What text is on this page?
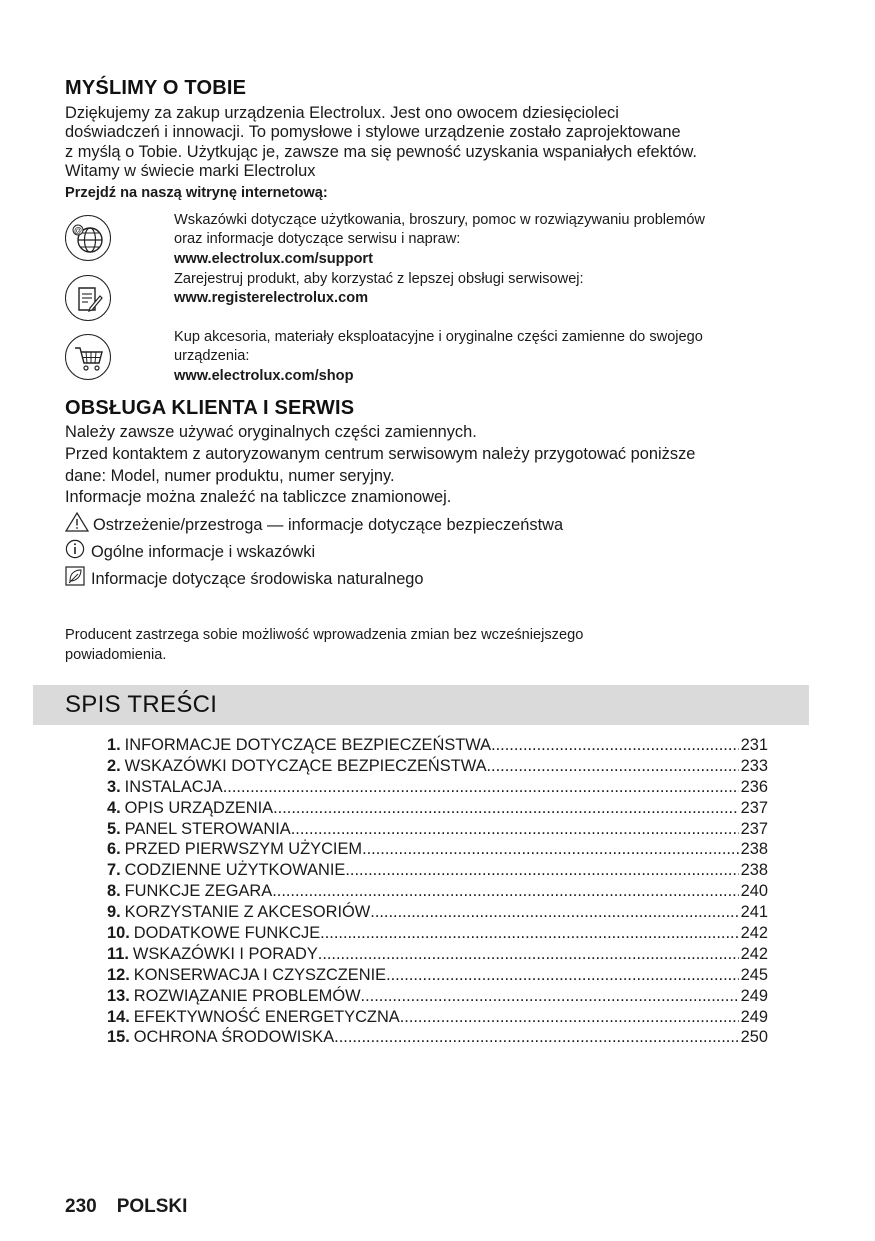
MYŚLIMY O TOBIE

Dziękujemy za zakup urządzenia Electrolux. Jest ono owocem dziesięcioleci

doświadczeń i innowacji. To pomysłowe i stylowe urządzenie zostało zaprojektowane

z myślą o Tobie. Użytkując je, zawsze ma się pewność uzyskania wspaniałych efektów.

Witamy w świecie marki Electrolux

Przejdź na naszą witrynę internetową:
@
Wskazówki dotyczące użytkowania, broszury, pomoc w rozwiązywaniu problemów
oraz informacje dotyczące serwisu i napraw:
www.electrolux.com/support
Zarejestruj produkt, aby korzystać z lepszej obsługi serwisowej:
www.registerelectrolux.com
Kup akcesoria, materiały eksploatacyjne i oryginalne części zamienne do swojego
urządzenia:
www.electrolux.com/shop
OBSŁUGA KLIENTA I SERWIS

Należy zawsze używać oryginalnych części zamiennych.

Przed kontaktem z autoryzowanym centrum serwisowym należy przygotować poniższe

dane: Model, numer produktu, numer seryjny.

Informacje można znaleźć na tabliczce znamionowej.

Ostrzeżenie/przestroga — informacje dotyczące bezpieczeństwa
Ogólne informacje i wskazówki
Informacje dotyczące środowiska naturalnego
Producent zastrzega sobie możliwość wprowadzenia zmian bez wcześniejszego
powiadomienia.
SPIS TREŚCI
1. INFORMACJE DOTYCZĄCE BEZPIECZEŃSTWA .....	231
2. WSKAZÓWKI DOTYCZĄCE BEZPIECZEŃSTWA .....	233
3. INSTALACJA .....	236
4. OPIS URZĄDZENIA .....	237
5. PANEL STEROWANIA .....	237
6. PRZED PIERWSZYM UŻYCIEM .....	238
7. CODZIENNE UŻYTKOWANIE .....	238
8. FUNKCJE ZEGARA .....	240
9. KORZYSTANIE Z AKCESORIÓW .....	241
10. DODATKOWE FUNKCJE .....	242
11. WSKAZÓWKI I PORADY .....	242
12. KONSERWACJA I CZYSZCZENIE .....	245
13. ROZWIĄZANIE PROBLEMÓW .....	249
14. EFEKTYWNOŚĆ ENERGETYCZNA .....	249
15. OCHRONA ŚRODOWISKA .....	250
230 POLSKI
